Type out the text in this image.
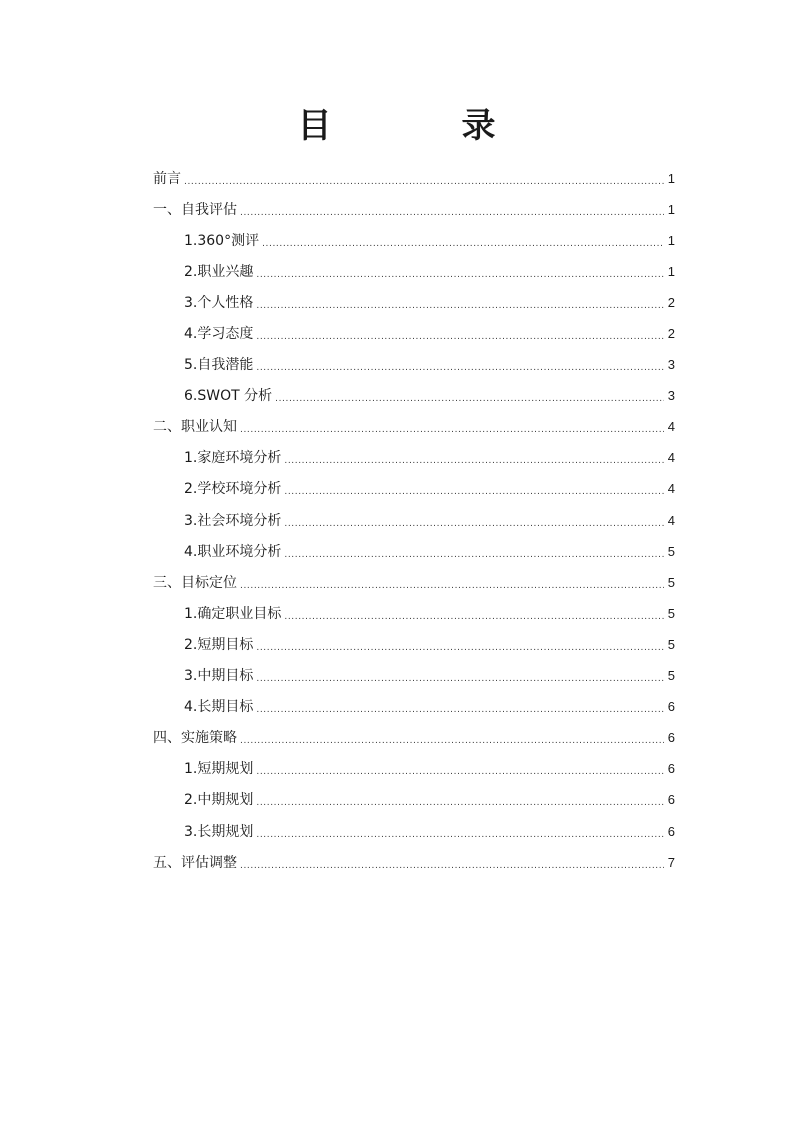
目　录
前言 .....	1
一、自我评估 .....	1
1.360°测评 .....	1
2.职业兴趣 .....	1
3.个人性格 .....	2
4.学习态度 .....	2
5.自我潜能 .....	3
6.SWOT 分析 .....	3
二、职业认知 .....	4
1.家庭环境分析 .....	4
2.学校环境分析 .....	4
3.社会环境分析 .....	4
4.职业环境分析 .....	5
三、目标定位 .....	5
1.确定职业目标 .....	5
2.短期目标 .....	5
3.中期目标 .....	5
4.长期目标 .....	6
四、实施策略 .....	6
1.短期规划 .....	6
2.中期规划 .....	6
3.长期规划 .....	6
五、评估调整 .....	7
